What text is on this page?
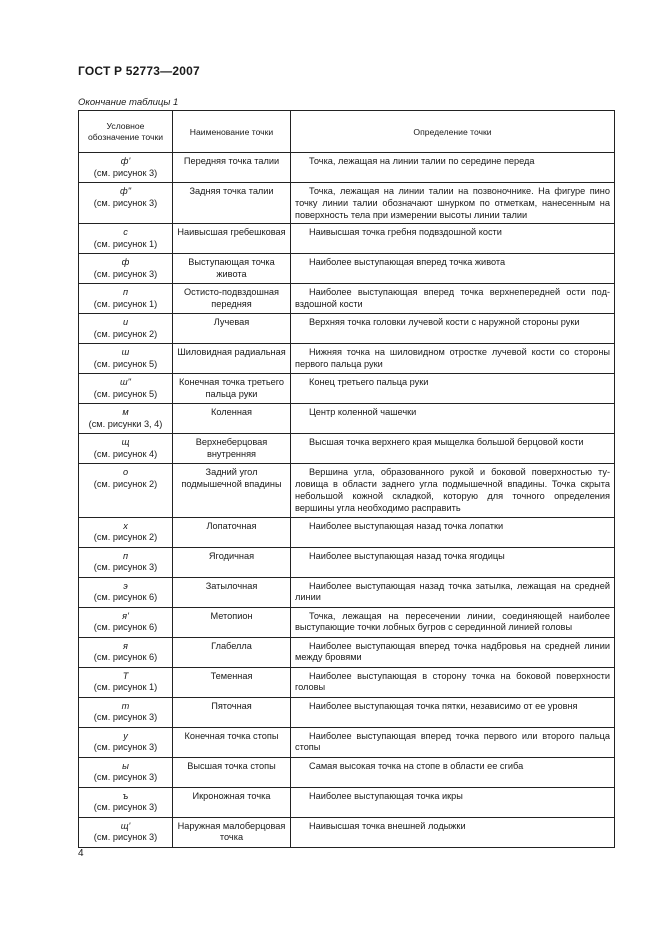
ГОСТ Р 52773—2007
Окончание таблицы 1
Условное обозначение точки	Наименование точки	Определение точки

ф'
(см. рисунок 3)	Передняя точка талии	Точка, лежащая на линии талии по середине переда

ф"
(см. рисунок 3)	Задняя точка талии	Точка, лежащая на линии талии на позвоночнике. На фигуре пино точку линии талии обозначают шнурком по отметкам, нанесенным на поверхность тела при измерении высоты линии талии

с
(см. рисунок 1)	Наивысшая гребешковая	Наивысшая точка гребня подвздошной кости

ф
(см. рисунок 3)	Выступающая точка живота	Наиболее выступающая вперед точка живота

п
(см. рисунок 1)	Остисто-подвздошная передняя	Наиболее выступающая вперед точка верхнепередней ости подвздошной кости

и
(см. рисунок 2)	Лучевая	Верхняя точка головки лучевой кости с наружной стороны руки

ш
(см. рисунок 5)	Шиловидная радиальная	Нижняя точка на шиловидном отростке лучевой кости со стороны первого пальца руки

ш"
(см. рисунок 5)	Конечная точка третьего пальца руки	Конец третьего пальца руки

м
(см. рисунки 3, 4)	Коленная	Центр коленной чашечки

щ
(см. рисунок 4)	Верхнеберцовая внутренняя	Высшая точка верхнего края мыщелка большой берцовой кости

о
(см. рисунок 2)	Задний угол подмышечной впадины	Вершина угла, образованного рукой и боковой поверхностью туловища в области заднего угла подмышечной впадины. Точка скрыта небольшой кожной складкой, которую для точного определения вершины угла необходимо расправить

х
(см. рисунок 2)	Лопаточная	Наиболее выступающая назад точка лопатки

п
(см. рисунок 3)	Ягодичная	Наиболее выступающая назад точка ягодицы

э
(см. рисунок 6)	Затылочная	Наиболее выступающая назад точка затылка, лежащая на средней линии

я'
(см. рисунок 6)	Метопион	Точка, лежащая на пересечении линии, соединяющей наиболее выступающие точки лобных бугров с серединной линией головы

я
(см. рисунок 6)	Глабелла	Наиболее выступающая вперед точка надбровья на средней линии между бровями

Т
(см. рисунок 1)	Теменная	Наиболее выступающая в сторону точка на боковой поверхности головы

т
(см. рисунок 3)	Пяточная	Наиболее выступающая точка пятки, независимо от ее уровня

у
(см. рисунок 3)	Конечная точка стопы	Наиболее выступающая вперед точка первого или второго пальца стопы

ы
(см. рисунок 3)	Высшая точка стопы	Самая высокая точка на стопе в области ее сгиба

ъ
(см. рисунок 3)	Икроножная точка	Наиболее выступающая точка икры

щ'
(см. рисунок 3)	Наружная малоберцовая точка	Наивысшая точка внешней лодыжки
4
